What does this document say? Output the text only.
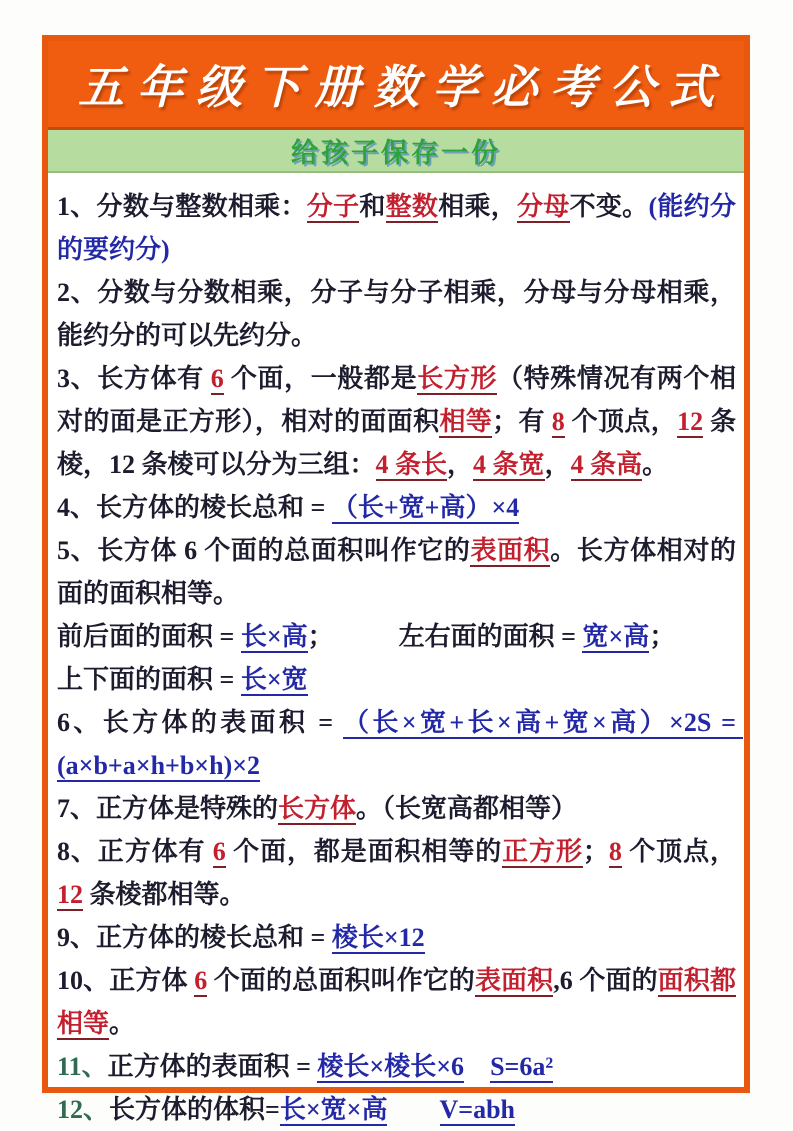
五年级下册数学必考公式
给孩子保存一份

1、分数与整数相乘：分子和整数相乘，分母不变。(能约分的要约分)

2、分数与分数相乘，分子与分子相乘，分母与分母相乘，能约分的可以先约分。

3、长方体有 6 个面，一般都是长方形（特殊情况有两个相对的面是正方形），相对的面面积相等；有 8 个顶点，12 条棱，12 条棱可以分为三组：4 条长，4 条宽，4 条高。

4、长方体的棱长总和 = （长+宽+高）×4

5、长方体 6 个面的总面积叫作它的表面积。长方体相对的面的面积相等。

前后面的面积 = 长×高；　　　左右面的面积 = 宽×高；

上下面的面积 = 长×宽

6、长方体的表面积 = （长×宽+长×高+宽×高）×2S = (a×b+a×h+b×h)×2

7、正方体是特殊的长方体。（长宽高都相等）

8、正方体有 6 个面，都是面积相等的正方形；8 个顶点，12 条棱都相等。

9、正方体的棱长总和 = 棱长×12

10、正方体 6 个面的总面积叫作它的表面积,6 个面的面积都相等。

11、正方体的表面积 = 棱长×棱长×6　 S=6a²

12、长方体的体积=长×宽×高　　 V=abh
